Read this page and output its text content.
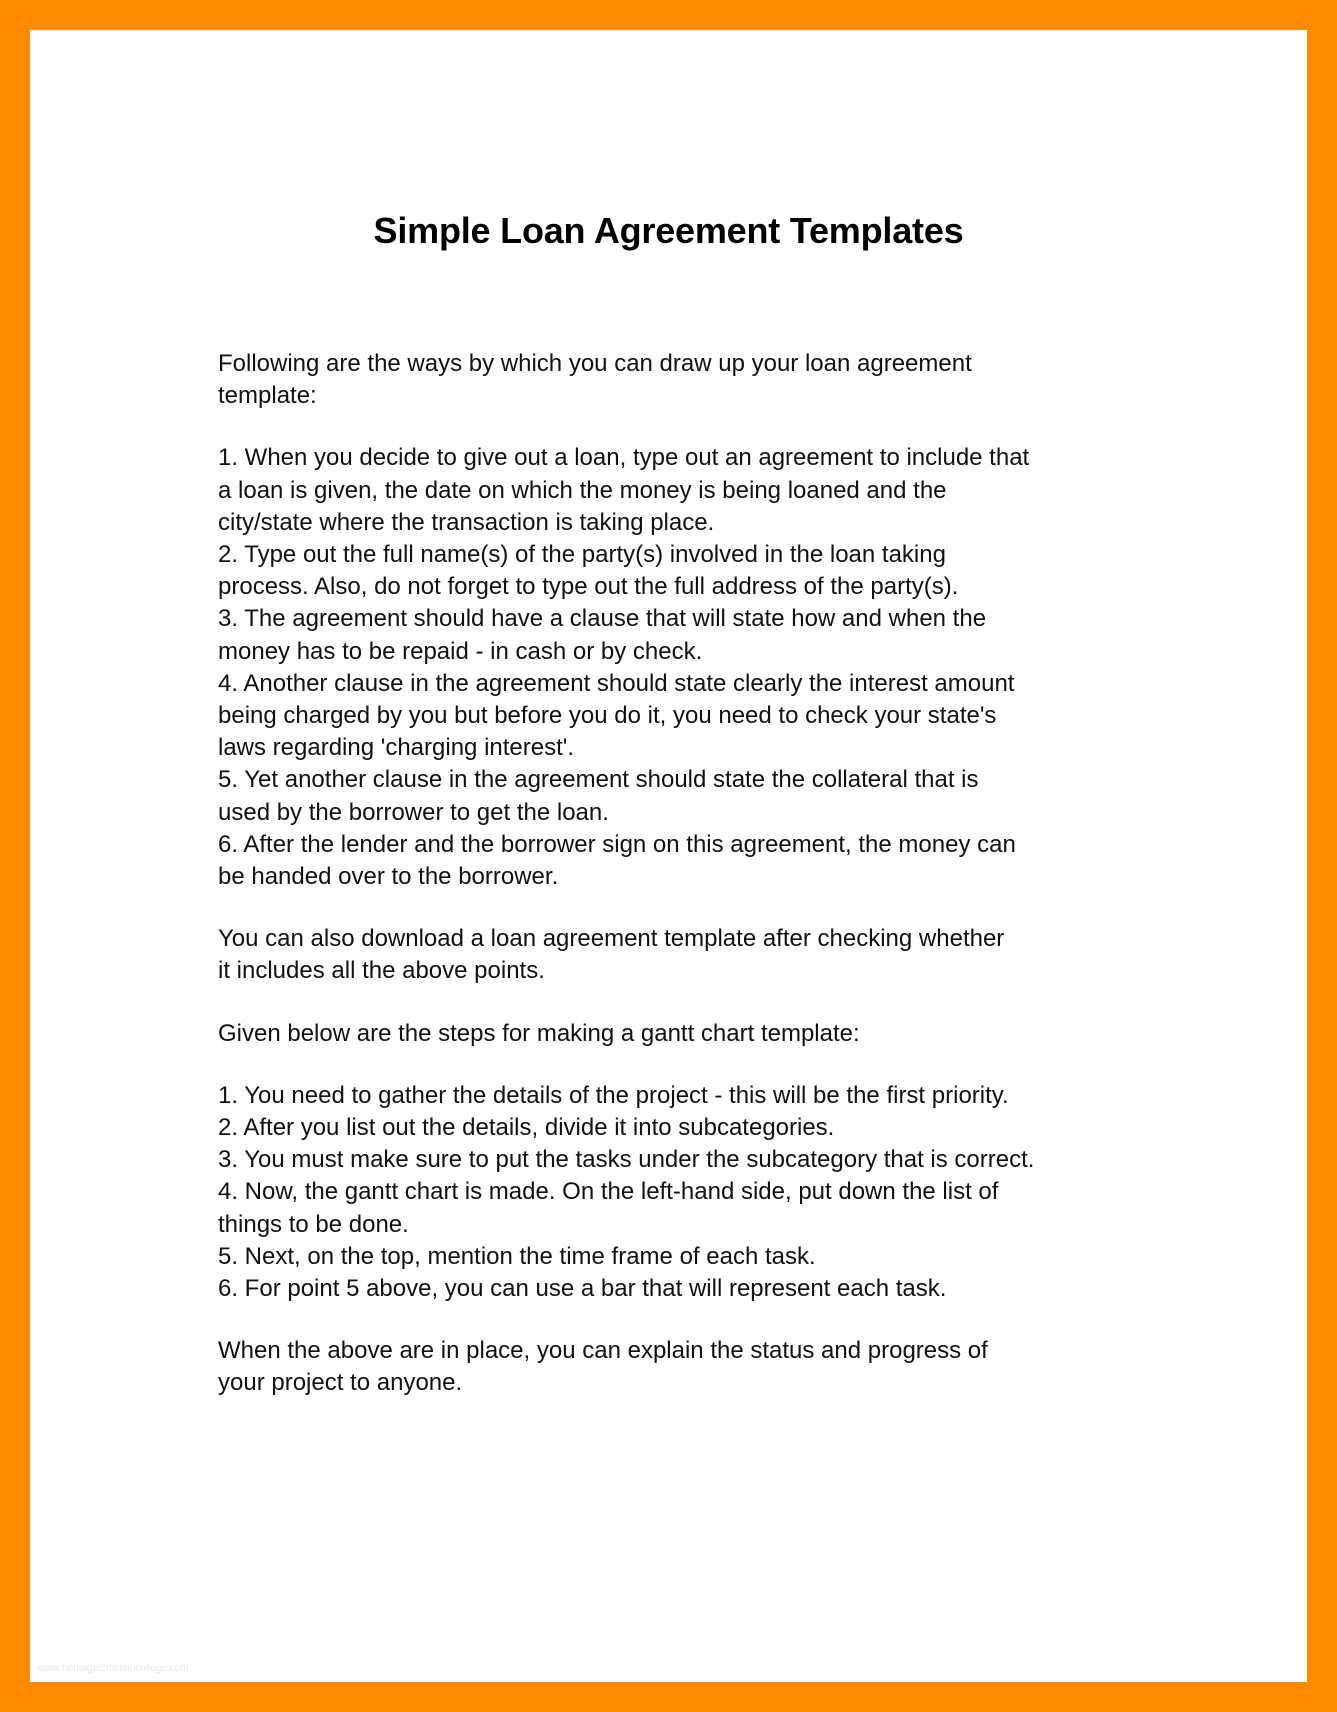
Simple Loan Agreement Templates

Following are the ways by which you can draw up your loan agreement
template:

1. When you decide to give out a loan, type out an agreement to include that
a loan is given, the date on which the money is being loaned and the
city/state where the transaction is taking place.

2. Type out the full name(s) of the party(s) involved in the loan taking
process. Also, do not forget to type out the full address of the party(s).

3. The agreement should have a clause that will state how and when the
money has to be repaid - in cash or by check.

4. Another clause in the agreement should state clearly the interest amount
being charged by you but before you do it, you need to check your state's
laws regarding 'charging interest'.

5. Yet another clause in the agreement should state the collateral that is
used by the borrower to get the loan.

6. After the lender and the borrower sign on this agreement, the money can
be handed over to the borrower.

You can also download a loan agreement template after checking whether
it includes all the above points.

Given below are the steps for making a gantt chart template:

1. You need to gather the details of the project - this will be the first priority.

2. After you list out the details, divide it into subcategories.

3. You must make sure to put the tasks under the subcategory that is correct.

4. Now, the gantt chart is made. On the left-hand side, put down the list of
things to be done.

5. Next, on the top, mention the time frame of each task.

6. For point 5 above, you can use a bar that will represent each task.

When the above are in place, you can explain the status and progress of
your project to anyone.

www.heritagechristiancollege.com
